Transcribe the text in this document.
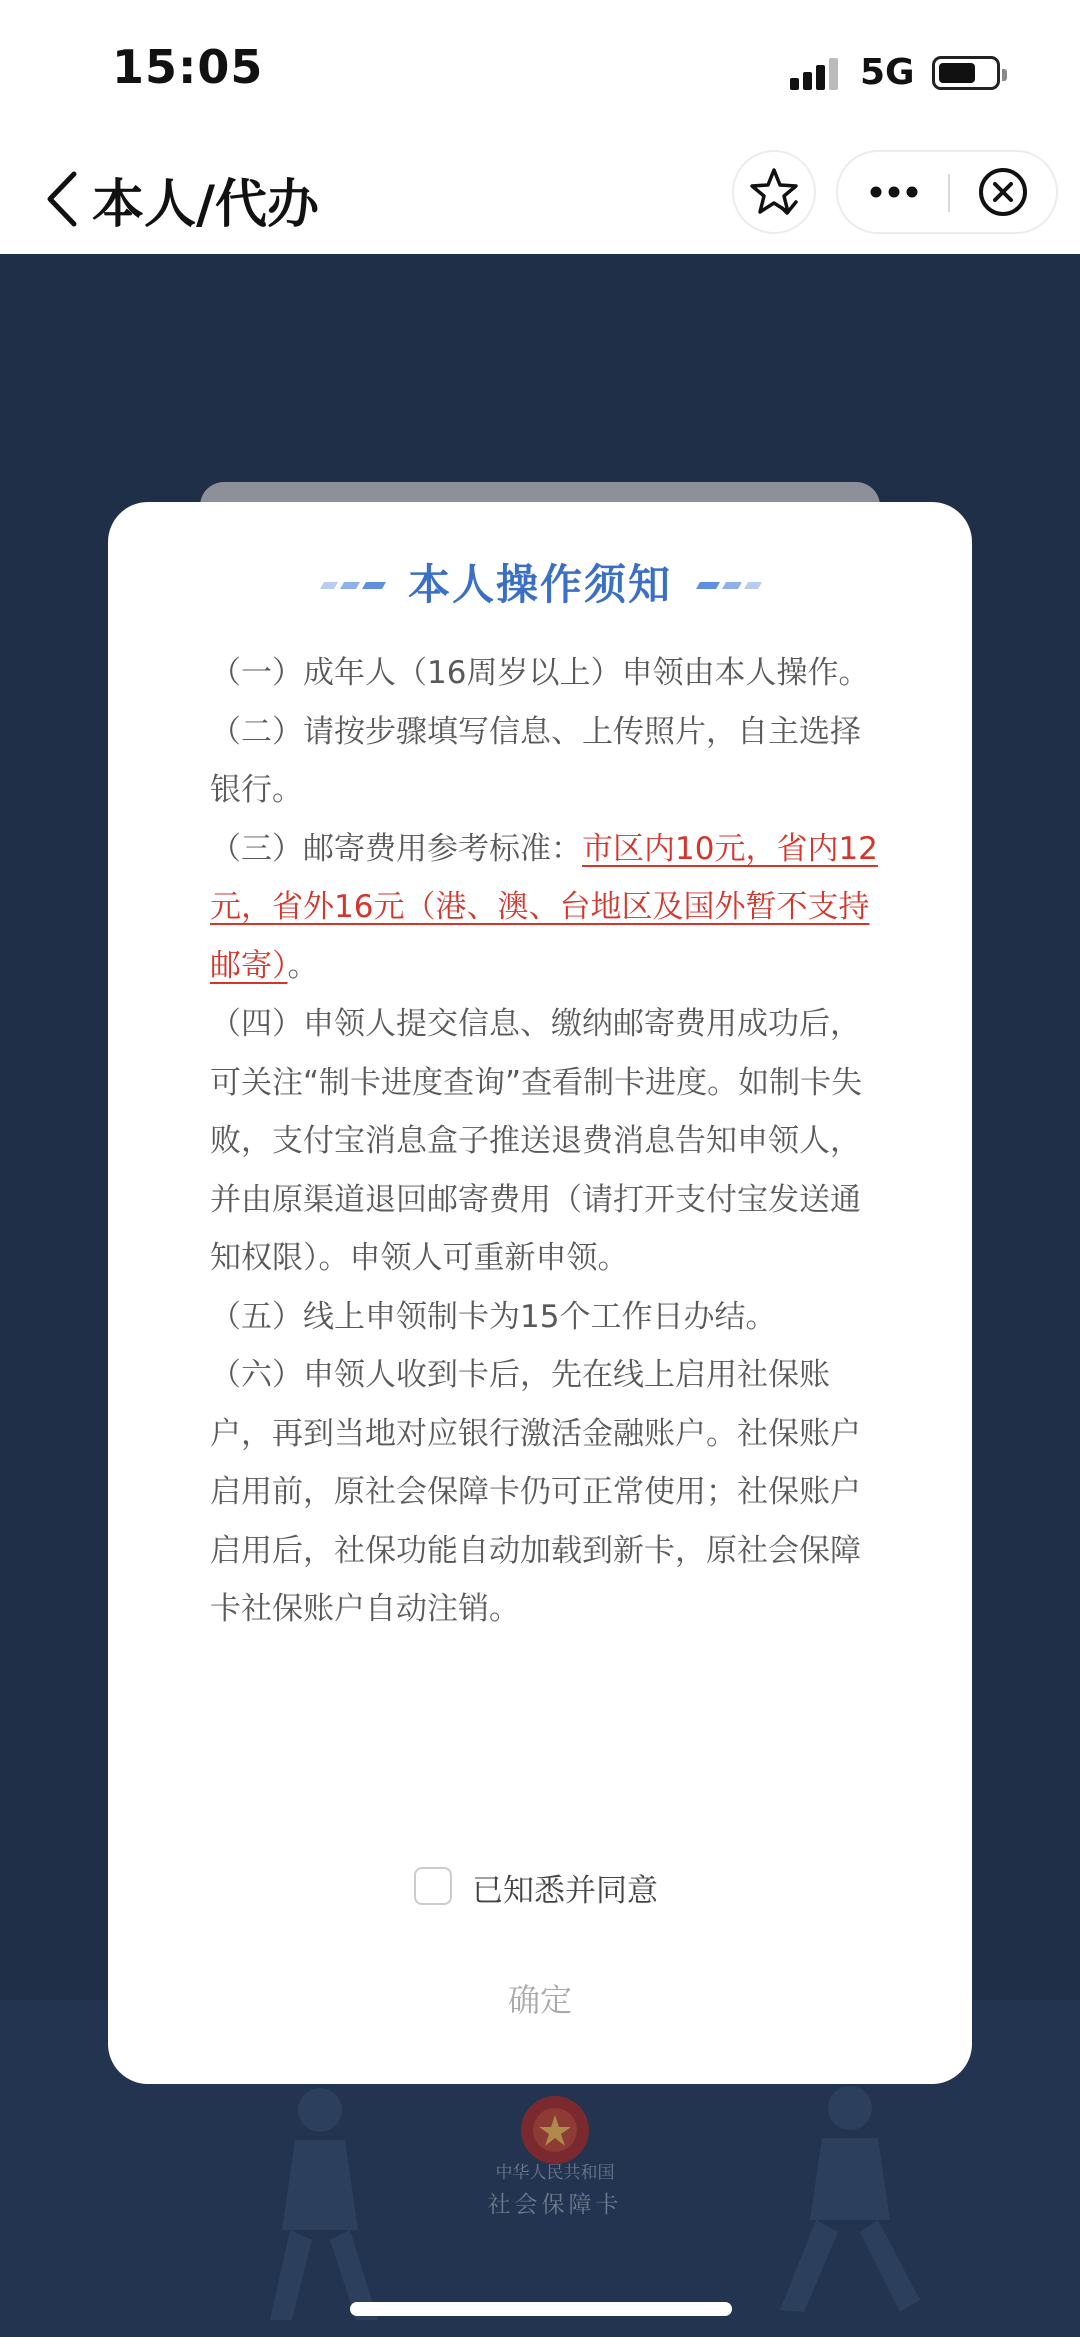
15:05	5G
本人/代办
中华人民共和国
社会保障卡
本人操作须知

（一）成年人（16周岁以上）申领由本人操作。

（二）请按步骤填写信息、上传照片，自主选择银行。

（三）邮寄费用参考标准：市区内10元，省内12元，省外16元（港、澳、台地区及国外暂不支持邮寄）。

（四）申领人提交信息、缴纳邮寄费用成功后，可关注“制卡进度查询”查看制卡进度。如制卡失败，支付宝消息盒子推送退费消息告知申领人，并由原渠道退回邮寄费用（请打开支付宝发送通知权限）。申领人可重新申领。

（五）线上申领制卡为15个工作日办结。

（六）申领人收到卡后，先在线上启用社保账户，再到当地对应银行激活金融账户。社保账户启用前，原社会保障卡仍可正常使用；社保账户启用后，社保功能自动加载到新卡，原社会保障卡社保账户自动注销。

已知悉并同意
确定
